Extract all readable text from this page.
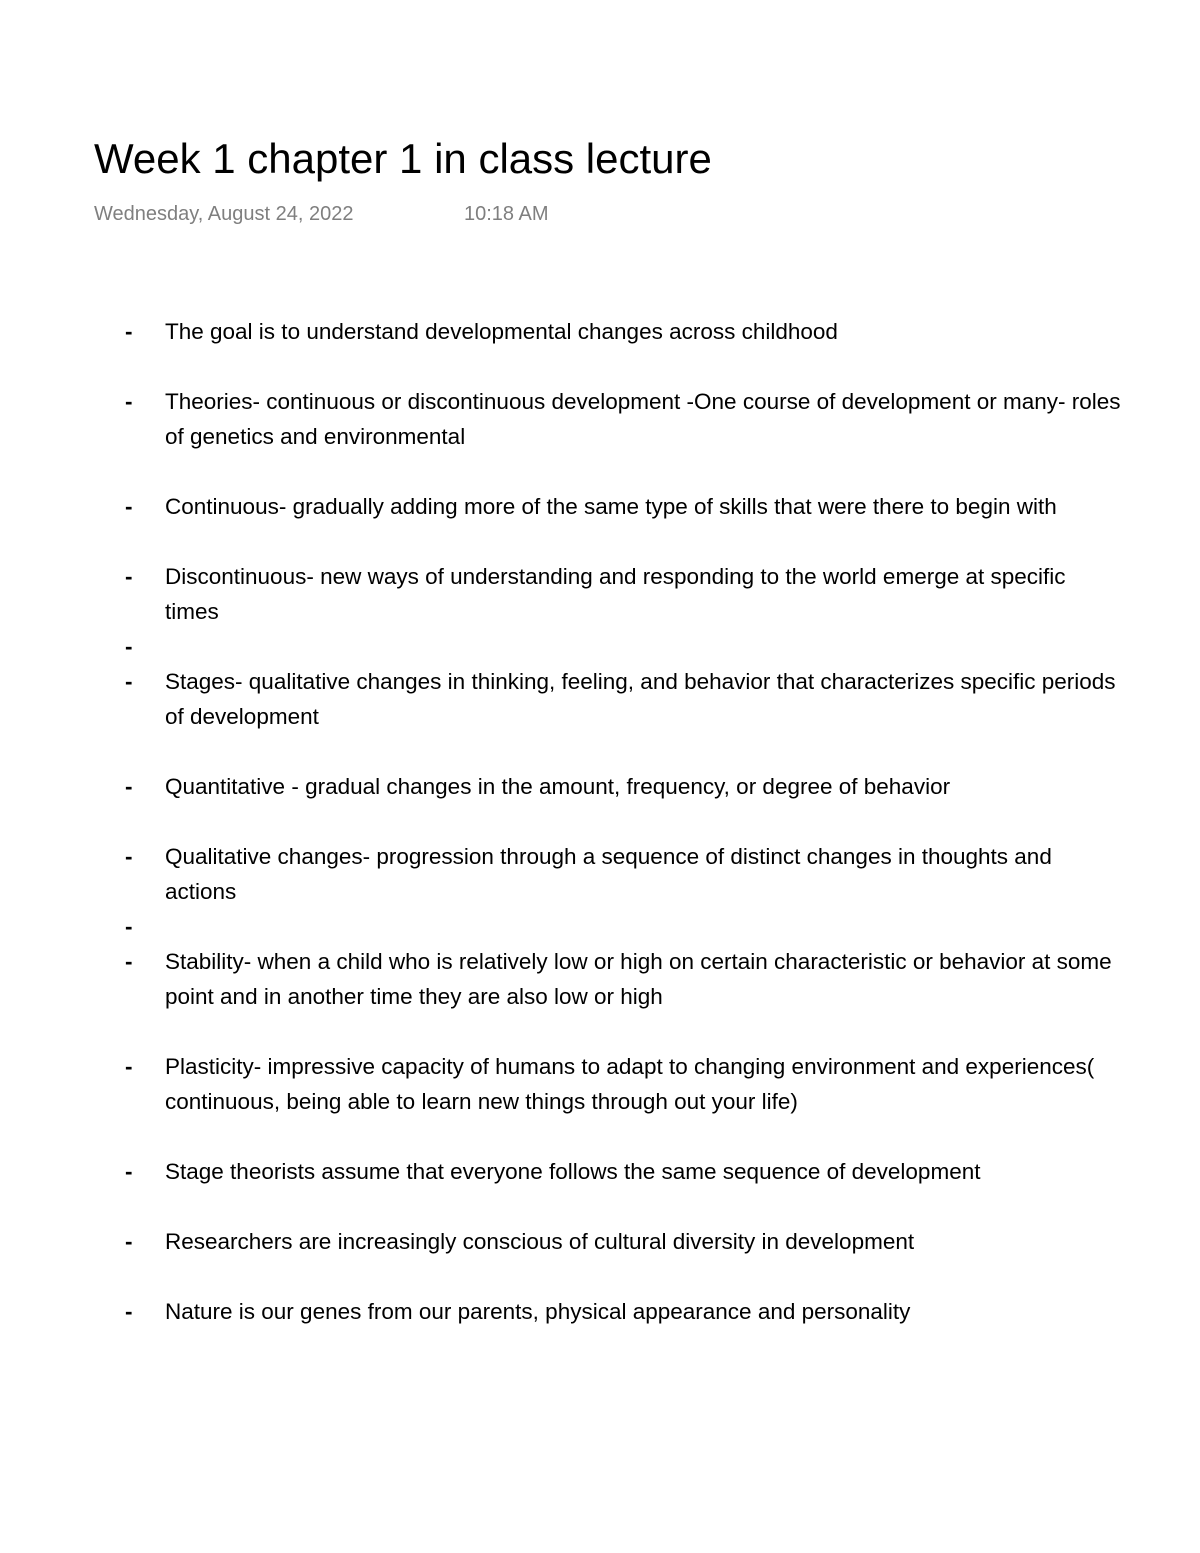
Week 1 chapter 1 in class lecture
Wednesday, August 24, 2022	10:18 AM
-	The goal is to understand developmental changes across childhood
-	Theories- continuous or discontinuous development -One course of development or many- roles of genetics and environmental
-	Continuous- gradually adding more of the same type of skills that were there to begin with
-	Discontinuous- new ways of understanding and responding to the world emerge at specific times
-

-	Stages- qualitative changes in thinking, feeling, and behavior that characterizes specific periods of development
-	Quantitative - gradual changes in the amount, frequency, or degree of behavior
-	Qualitative changes- progression through a sequence of distinct changes in thoughts and actions
-

-	Stability- when a child who is relatively low or high on certain characteristic or behavior at some point and in another time they are also low or high
-	Plasticity- impressive capacity of humans to adapt to changing environment and experiences( continuous, being able to learn new things through out your life)
-	Stage theorists assume that everyone follows the same sequence of development
-	Researchers are increasingly conscious of cultural diversity in development
-	Nature is our genes from our parents, physical appearance and personality
